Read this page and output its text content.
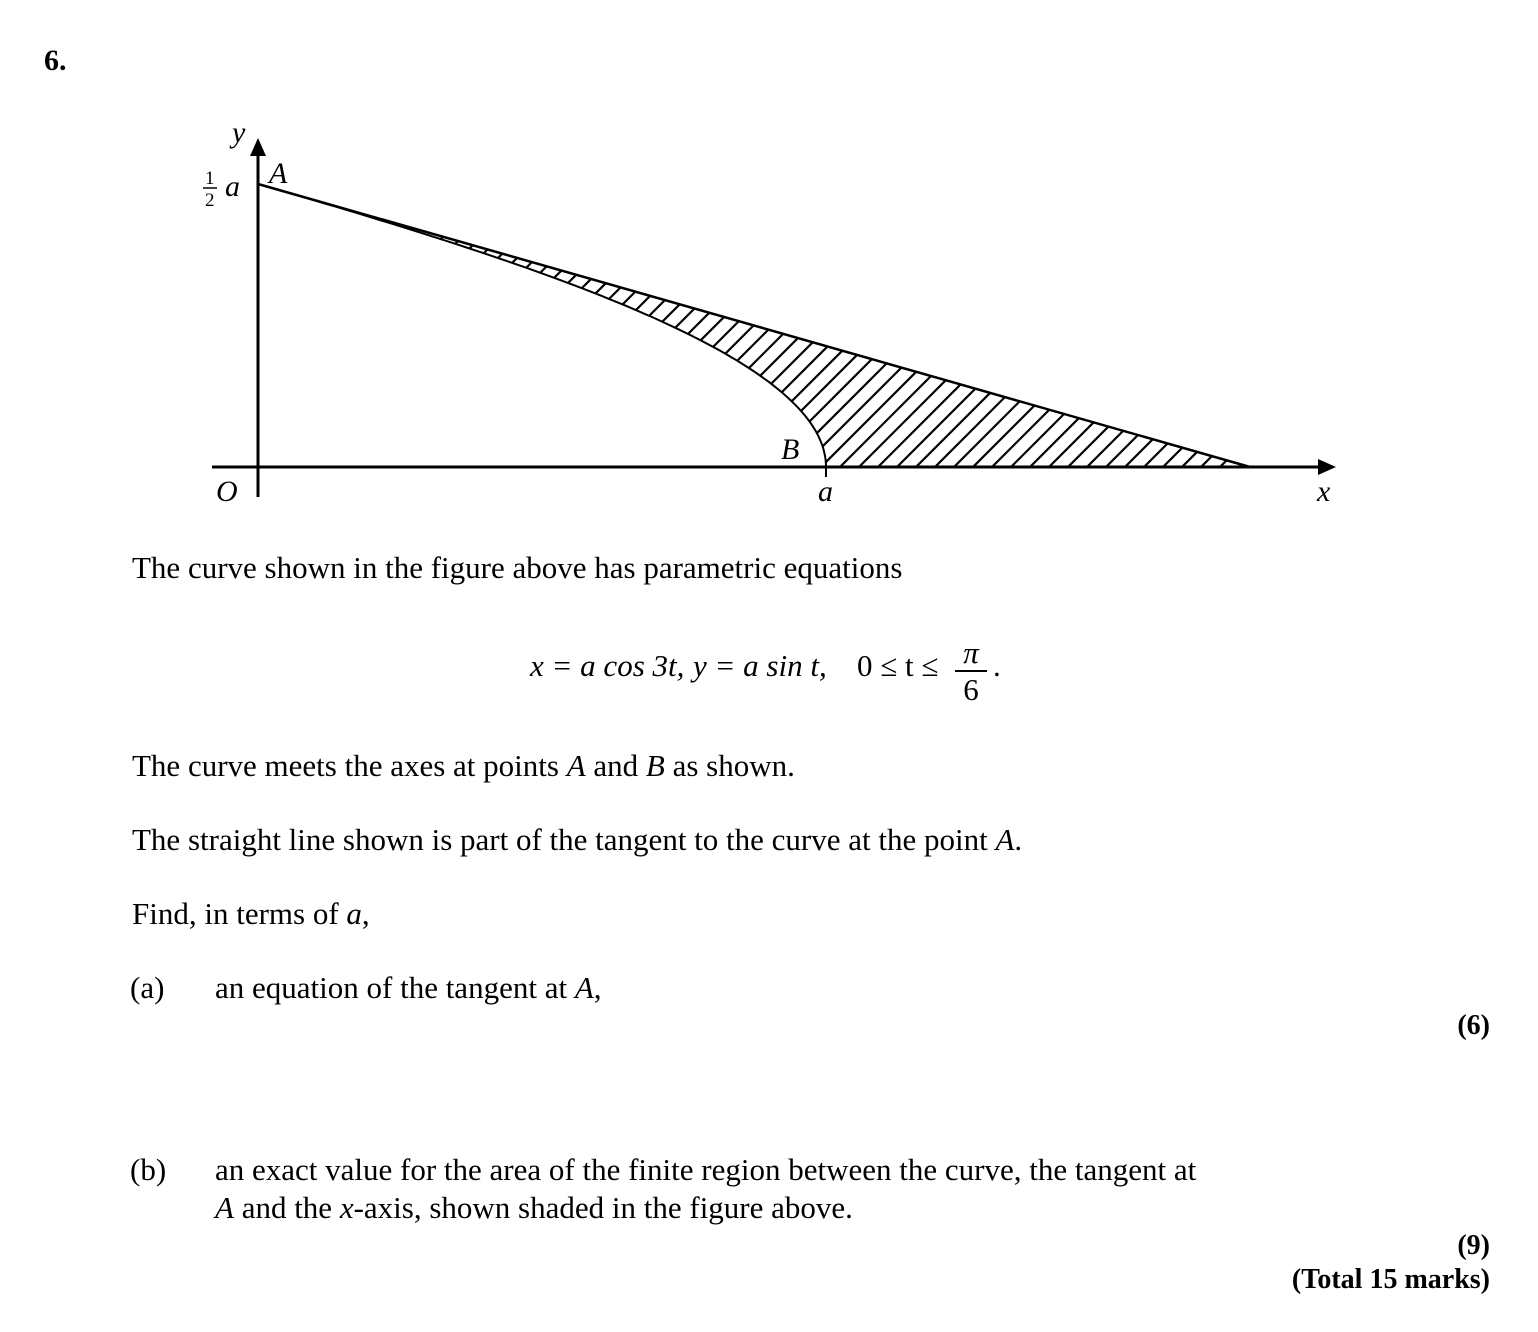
6.
y
x
O
A
B
a
1
2 a
The curve shown in the figure above has parametric equations
x = a cos 3t, y = a sin t, 0 ≤ t ≤ π
6
.
The curve meets the axes at points A and B as shown.
The straight line shown is part of the tangent to the curve at the point A.
Find, in terms of a,
(a) an equation of the tangent at A,
(6)
(b) an exact value for the area of the finite region between the curve, the tangent at
A and the x-axis, shown shaded in the figure above.
(9)
(Total 15 marks)
